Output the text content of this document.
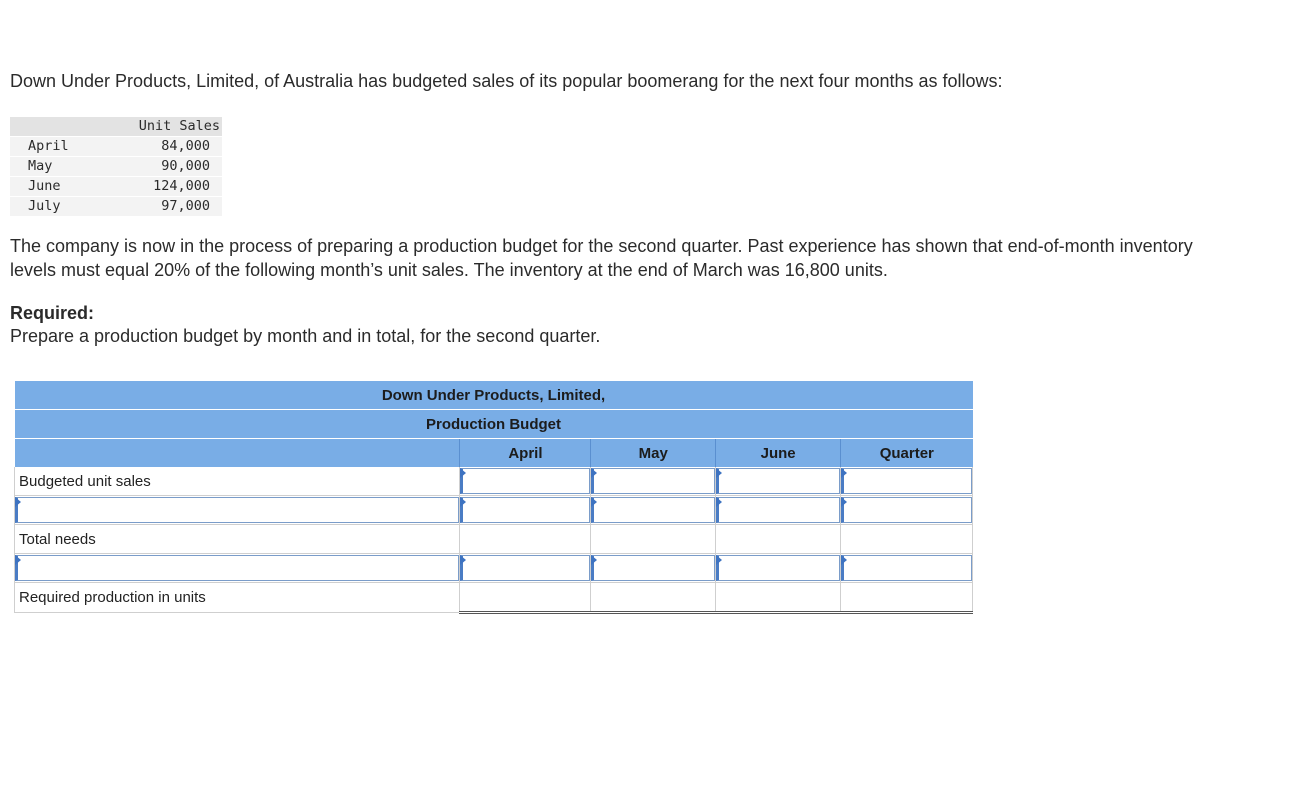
Down Under Products, Limited, of Australia has budgeted sales of its popular boomerang for the next four months as follows:

	Unit Sales
April	84,000
May	90,000
June	124,000
July	97,000

The company is now in the process of preparing a production budget for the second quarter. Past experience has shown that end-of-month inventory levels must equal 20% of the following month’s unit sales. The inventory at the end of March was 16,800 units.

Required:

Prepare a production budget by month and in total, for the second quarter.

Down Under Products, Limited,				
Production Budget				
	April	May	June	Quarter
Budgeted unit sales	

Total needs				

Required production in units				
